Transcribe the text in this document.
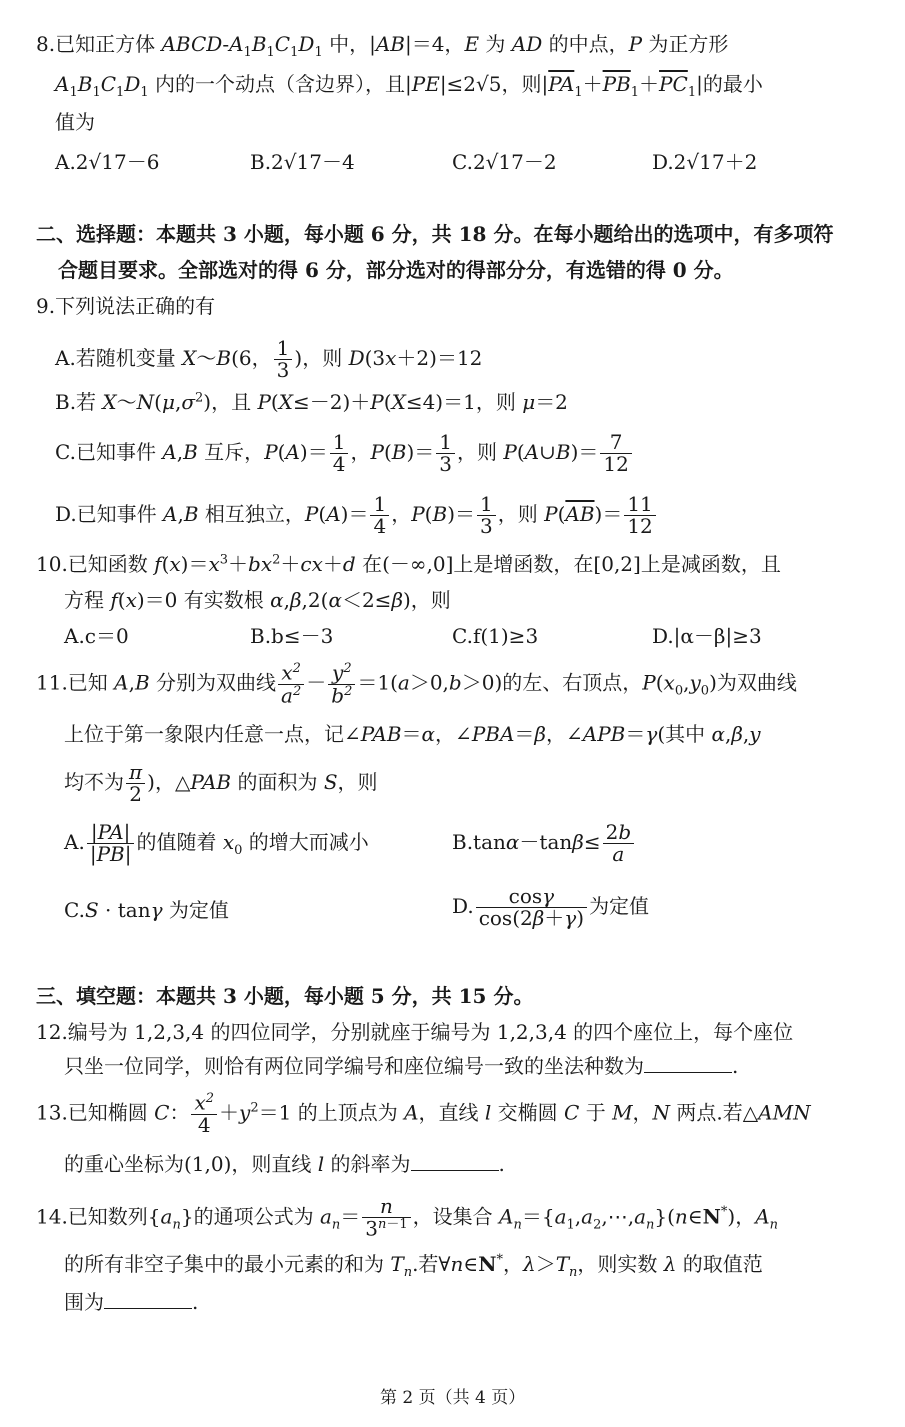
8.已知正方体 ABCD-$A_1B_1C_1D_1$ 中，|AB|＝4，E 为 AD 的中点，P 为正方形
$A_1B_1C_1D_1$ 内的一个动点（含边界），且|PE|≤2√5，则$|\overline{PA}_1+\overline{PB}_1+\overline{PC}_1|$的最小
值为
A.2√17－6	B.2√17－4	C.2√17－2	D.2√17＋2
二、选择题：本题共 3 小题，每小题 6 分，共 18 分。在每小题给出的选项中，有多项符
合题目要求。全部选对的得 6 分，部分选对的得部分分，有选错的得 0 分。
9.下列说法正确的有
A.若随机变量 X～B(6， $\frac{1}{3}$ )，则 D(3x＋2)＝12
B.若 $X\sim N(\mu,\sigma^2)$，且 P(X≤－2)＋P(X≤4)＝1，则 μ＝2
C.已知事件 A,B 互斥，$P(A)= \frac{1}{4}$ ，$P(B)= \frac{1}{3}$ ，则 P(A∪B)＝ $\frac{7}{12}$
D.已知事件 A,B 相互独立，$P(A)= \frac{1}{4}$ ，$P(B)= \frac{1}{3}$ ，则 $P(\overline{AB})= \frac{11}{12}$
10.已知函数 $f(x)=x^3+bx^2+cx+d$ 在(－∞,0]上是增函数，在[0,2]上是减函数，且
方程 f(x)＝0 有实数根 α,β,2(α＜2≤β)，则
A.c＝0	B.b≤－3	C.f(1)≥3	D.|α－β|≥3
11.已知 A,B 分别为双曲线 $\frac{x^2}{a^2} - \frac{y^2}{b^2} =1(a>0,b>0)$的左、右顶点，$P(x_0,y_0)$为双曲线
上位于第一象限内任意一点，记∠PAB＝α，∠PBA＝β，∠APB＝γ(其中 α,β,y
均不为 $\frac{\pi}{2}$ )，△PAB 的面积为 S，则
A. $\frac{|PA|}{|PB|}$ 的值随着 $x_0$ 的增大而减小	$B.\tan\alpha-\tan\beta\le \frac{2b}{a}$
C.S · tanγ 为定值	D. $\frac{\cos\gamma}{\cos(2\beta+\gamma)}$ 为定值
三、填空题：本题共 3 小题，每小题 5 分，共 15 分。
12.编号为 1,2,3,4 的四位同学，分别就座于编号为 1,2,3,4 的四个座位上，每个座位
只坐一位同学，则恰有两位同学编号和座位编号一致的坐法种数为	.
13.已知椭圆 C： $\frac{x^2}{4} +y^2=1$ 的上顶点为 A，直线 l 交椭圆 C 于 M，N 两点.若△AMN
的重心坐标为(1,0)，则直线 l 的斜率为	.
14.已知数列$\{a_n\}$的通项公式为 $a_n= \frac{n}{3^{n-1}}$ ，设集合 $A_n=\{a_1,a_2,\cdots,a_n\}(n\in N^*)$，$A_n$
的所有非空子集中的最小元素的和为 $T_n$.若∀n∈N*，$\lambda>T_n$，则实数 λ 的取值范
围为	.
第 2 页（共 4 页）
